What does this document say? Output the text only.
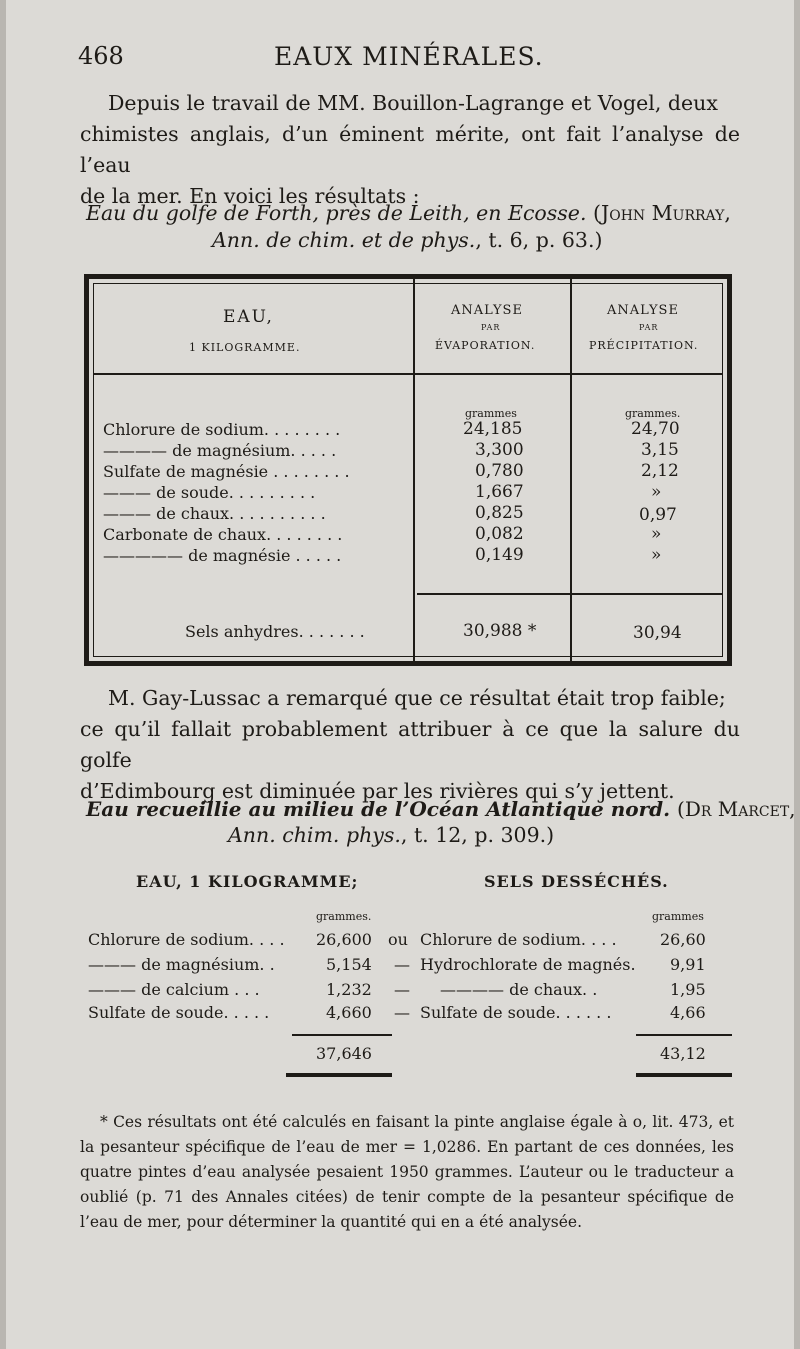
468	EAUX MINÉRALES.
Depuis le travail de MM. Bouillon-Lagrange et Vogel, deux
chimistes anglais, d’un éminent mérite, ont fait l’analyse de l’eau
de la mer. En voici les résultats :
Eau du golfe de Forth, près de Leith, en Ecosse. (John Murray,
Ann. de chim. et de phys., t. 6, p. 63.)
EAU,
1 KILOGRAMME.
ANALYSE
PAR
ÉVAPORATION.
ANALYSE
PAR
PRÉCIPITATION.
grammes	grammes.
Chlorure de sodium. . . . . . . .	24,185	24,70
———— de magnésium. . . . .	3,300	3,15
Sulfate de magnésie . . . . . . . .	0,780	2,12
——— de soude. . . . . . . . .	1,667	»
——— de chaux. . . . . . . . . .	0,825	0,97
Carbonate de chaux. . . . . . . .	0,082	»
————— de magnésie . . . . .	0,149	»
Sels anhydres. . . . . . .	30,988 *	30,94
M. Gay-Lussac a remarqué que ce résultat était trop faible;
ce qu’il fallait probablement attribuer à ce que la salure du golfe
d’Edimbourg est diminuée par les rivières qui s’y jettent.
Eau recueillie au milieu de l’Océan Atlantique nord. (Dr Marcet,
Ann. chim. phys., t. 12, p. 309.)
EAU, 1 KILOGRAMME;	SELS DESSÉCHÉS.
grammes.	grammes
Chlorure de sodium. . . . 26,600 ou Chlorure de sodium. . . .	26,60
——— de magnésium. .	5,154 — Hydrochlorate de magnés. 9,91
——— de calcium . . .	1,232 — ———— de chaux. .	1,95
Sulfate de soude. . . . .	4,660 — Sulfate de soude. . . . . .	4,66
37,646	43,12
* Ces résultats ont été calculés en faisant la pinte anglaise égale à o, lit. 473, et la pesanteur spécifique de l’eau de mer = 1,0286. En partant de ces données, les quatre pintes d’eau analysée pesaient 1950 grammes. L’auteur ou le traducteur a oublié (p. 71 des Annales citées) de tenir compte de la pesanteur spécifique de l’eau de mer, pour déterminer la quantité qui en a été analysée.
